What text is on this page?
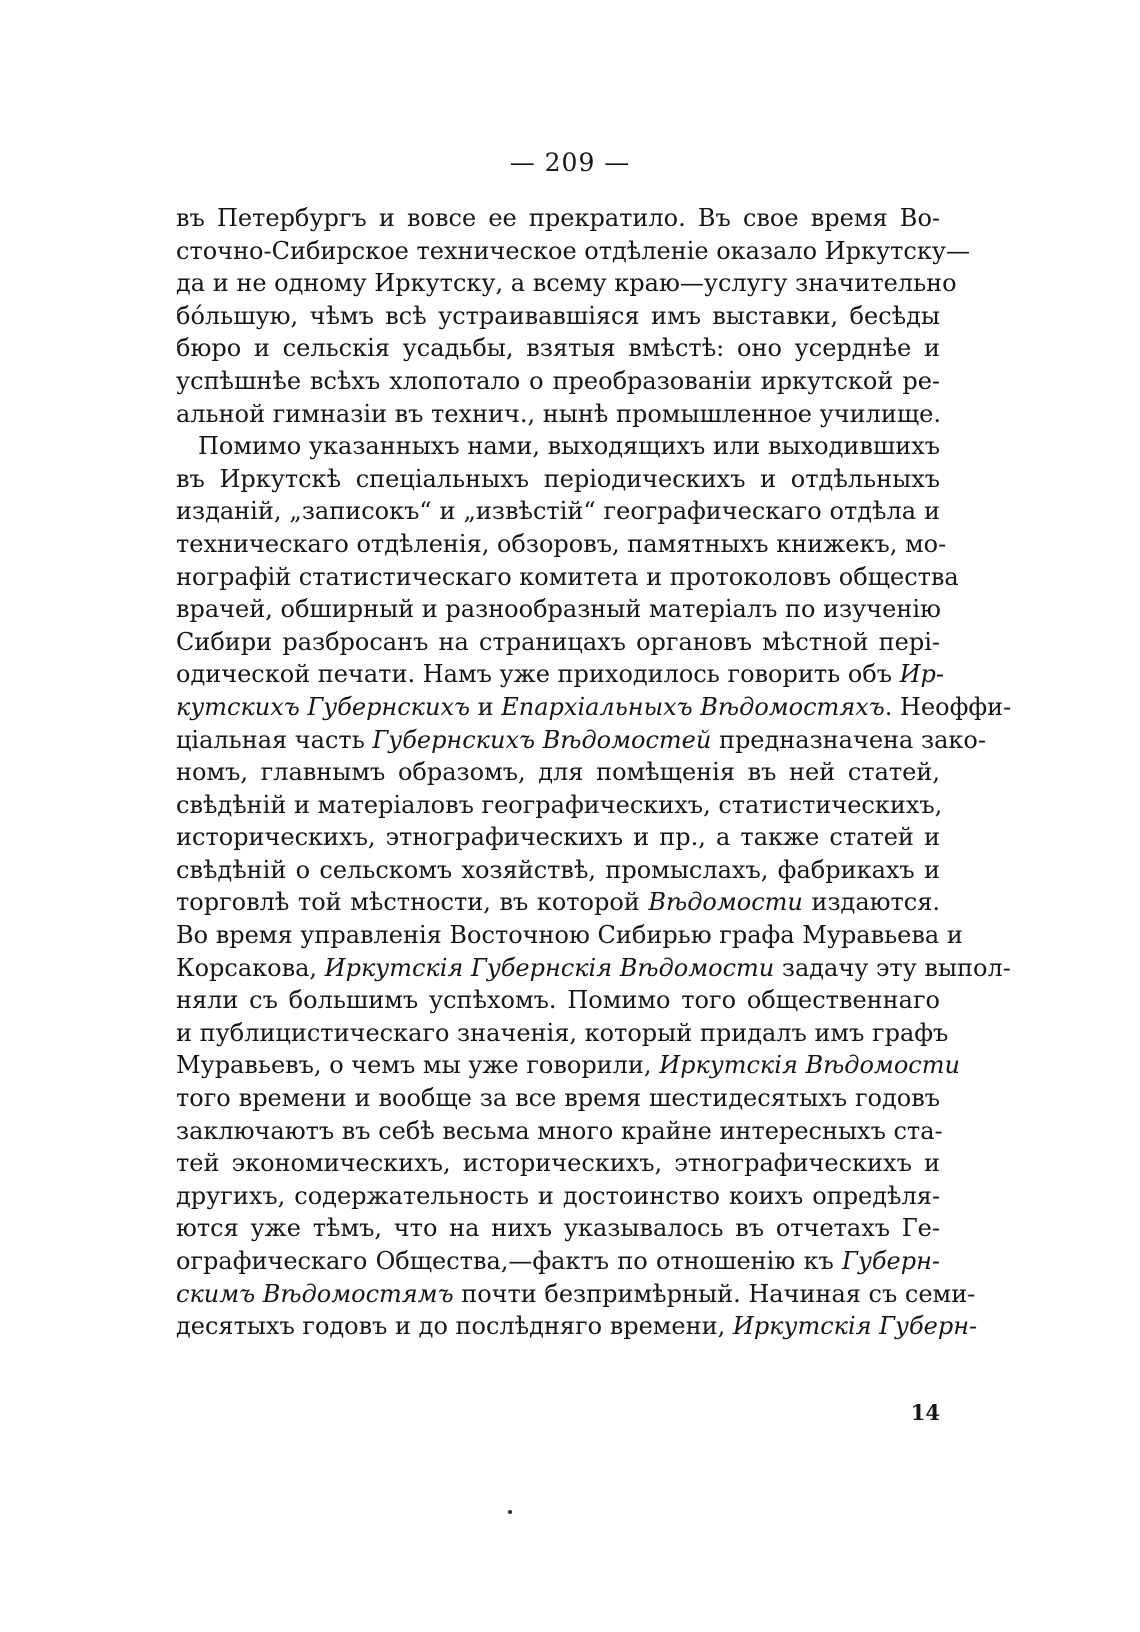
— 209 —
въ Петербургъ и вовсе ее прекратило. Въ свое время Во-
сточно-Сибирское техническое отдѣленіе оказало Иркутску—
да и не одному Иркутску, а всему краю—услугу значительно
бóльшую, чѣмъ всѣ устраивавшіяся имъ выставки, бесѣды
бюро и сельскія усадьбы, взятыя вмѣстѣ: оно усерднѣе и
успѣшнѣе всѣхъ хлопотало о преобразованіи иркутской ре-
альной гимназіи въ технич., нынѣ промышленное училище.
Помимо указанныхъ нами, выходящихъ или выходившихъ
въ Иркутскѣ спеціальныхъ періодическихъ и отдѣльныхъ
изданій, „записокъ“ и „извѣстій“ географическаго отдѣла и
техническаго отдѣленія, обзоровъ, памятныхъ книжекъ, мо-
нографій статистическаго комитета и протоколовъ общества
врачей, обширный и разнообразный матеріалъ по изученію
Сибири разбросанъ на страницахъ органовъ мѣстной пері-
одической печати. Намъ уже приходилось говорить объ Ир-
кутскихъ Губернскихъ и Епархіальныхъ Вѣдомостяхъ. Неоффи-
ціальная часть Губернскихъ Вѣдомостей предназначена зако-
номъ, главнымъ образомъ, для помѣщенія въ ней статей,
свѣдѣній и матеріаловъ географическихъ, статистическихъ,
историческихъ, этнографическихъ и пр., а также статей и
свѣдѣній о сельскомъ хозяйствѣ, промыслахъ, фабрикахъ и
торговлѣ той мѣстности, въ которой Вѣдомости издаются.
Во время управленія Восточною Сибирью графа Муравьева и
Корсакова, Иркутскія Губернскія Вѣдомости задачу эту выпол-
няли съ большимъ успѣхомъ. Помимо того общественнаго
и публицистическаго значенія, который придалъ имъ графъ
Муравьевъ, о чемъ мы уже говорили, Иркутскія Вѣдомости
того времени и вообще за все время шестидесятыхъ годовъ
заключаютъ въ себѣ весьма много крайне интересныхъ ста-
тей экономическихъ, историческихъ, этнографическихъ и
другихъ, содержательность и достоинство коихъ опредѣля-
ются уже тѣмъ, что на нихъ указывалось въ отчетахъ Ге-
ографическаго Общества,—фактъ по отношенію къ Губерн-
скимъ Вѣдомостямъ почти безпримѣрный. Начиная съ семи-
десятыхъ годовъ и до послѣдняго времени, Иркутскія Губерн-
14
